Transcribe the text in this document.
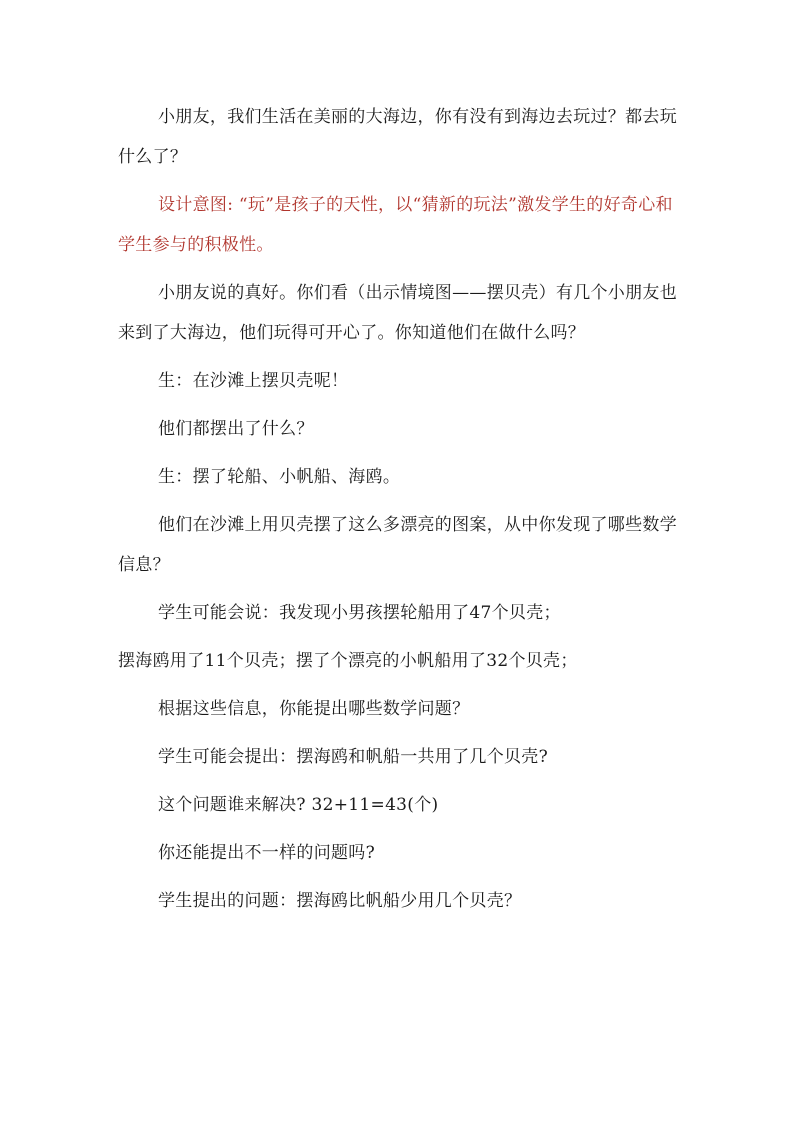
小朋友，我们生活在美丽的大海边，你有没有到海边去玩过？都去玩什么了？

设计意图: “玩”是孩子的天性，以“猜新的玩法”激发学生的好奇心和学生参与的积极性。

小朋友说的真好。你们看（出示情境图——摆贝壳）有几个小朋友也来到了大海边，他们玩得可开心了。你知道他们在做什么吗？

生：在沙滩上摆贝壳呢！

他们都摆出了什么？

生：摆了轮船、小帆船、海鸥。

他们在沙滩上用贝壳摆了这么多漂亮的图案，从中你发现了哪些数学信息？

学生可能会说：我发现小男孩摆轮船用了47个贝壳；

摆海鸥用了11个贝壳；摆了个漂亮的小帆船用了32个贝壳；

根据这些信息，你能提出哪些数学问题？

学生可能会提出：摆海鸥和帆船一共用了几个贝壳?

这个问题谁来解决? 32+11=43(个)

你还能提出不一样的问题吗?

学生提出的问题：摆海鸥比帆船少用几个贝壳？
